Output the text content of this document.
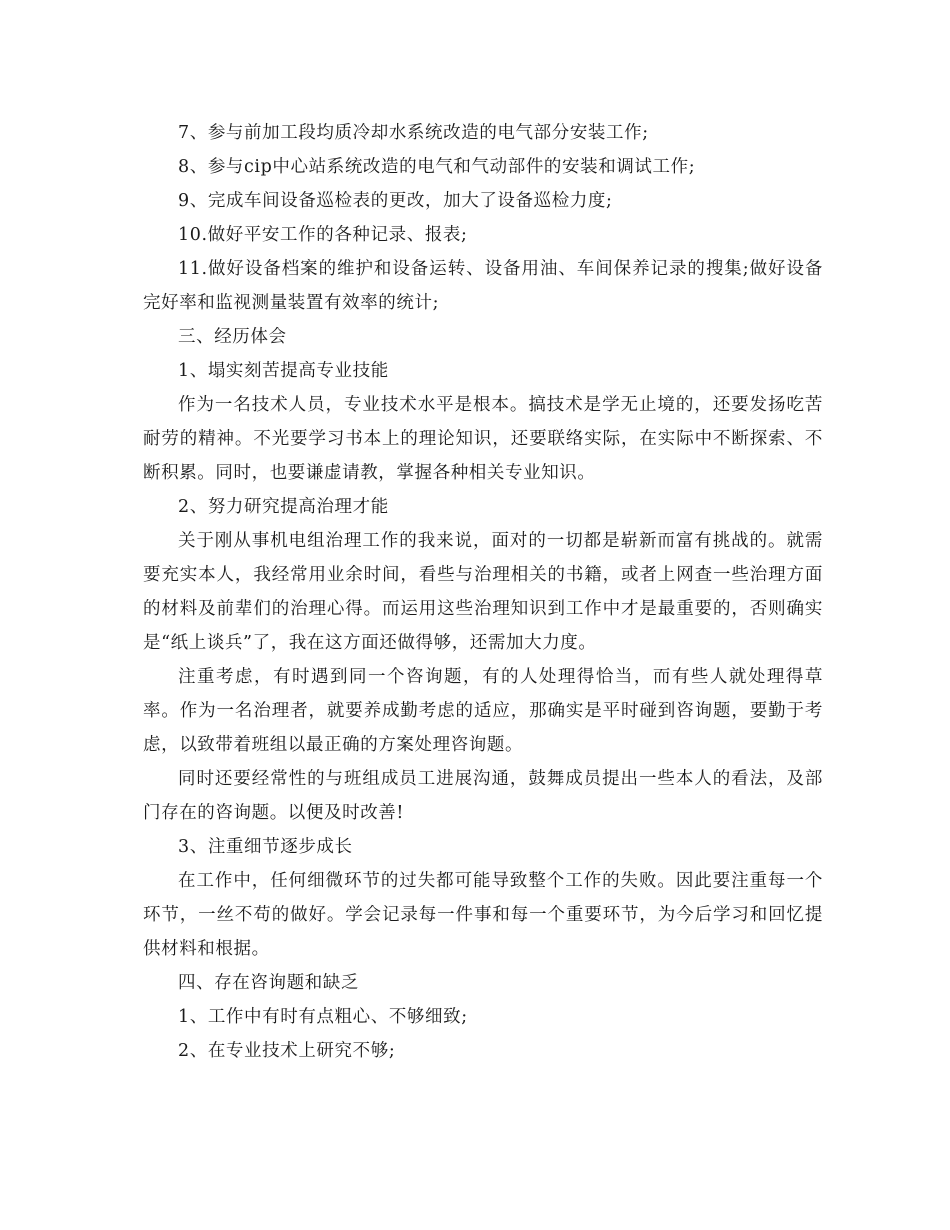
7、参与前加工段均质冷却水系统改造的电气部分安装工作;

8、参与cip中心站系统改造的电气和气动部件的安装和调试工作;

9、完成车间设备巡检表的更改，加大了设备巡检力度;

10.做好平安工作的各种记录、报表;

11.做好设备档案的维护和设备运转、设备用油、车间保养记录的搜集;做好设备完好率和监视测量装置有效率的统计;

三、经历体会

1、塌实刻苦提高专业技能

作为一名技术人员，专业技术水平是根本。搞技术是学无止境的，还要发扬吃苦耐劳的精神。不光要学习书本上的理论知识，还要联络实际，在实际中不断探索、不断积累。同时，也要谦虚请教，掌握各种相关专业知识。

2、努力研究提高治理才能

关于刚从事机电组治理工作的我来说，面对的一切都是崭新而富有挑战的。就需要充实本人，我经常用业余时间，看些与治理相关的书籍，或者上网查一些治理方面的材料及前辈们的治理心得。而运用这些治理知识到工作中才是最重要的，否则确实是“纸上谈兵”了，我在这方面还做得够，还需加大力度。

注重考虑，有时遇到同一个咨询题，有的人处理得恰当，而有些人就处理得草率。作为一名治理者，就要养成勤考虑的适应，那确实是平时碰到咨询题，要勤于考虑，以致带着班组以最正确的方案处理咨询题。

同时还要经常性的与班组成员工进展沟通，鼓舞成员提出一些本人的看法，及部门存在的咨询题。以便及时改善!

3、注重细节逐步成长

在工作中，任何细微环节的过失都可能导致整个工作的失败。因此要注重每一个环节，一丝不苟的做好。学会记录每一件事和每一个重要环节，为今后学习和回忆提供材料和根据。

四、存在咨询题和缺乏

1、工作中有时有点粗心、不够细致;

2、在专业技术上研究不够;
